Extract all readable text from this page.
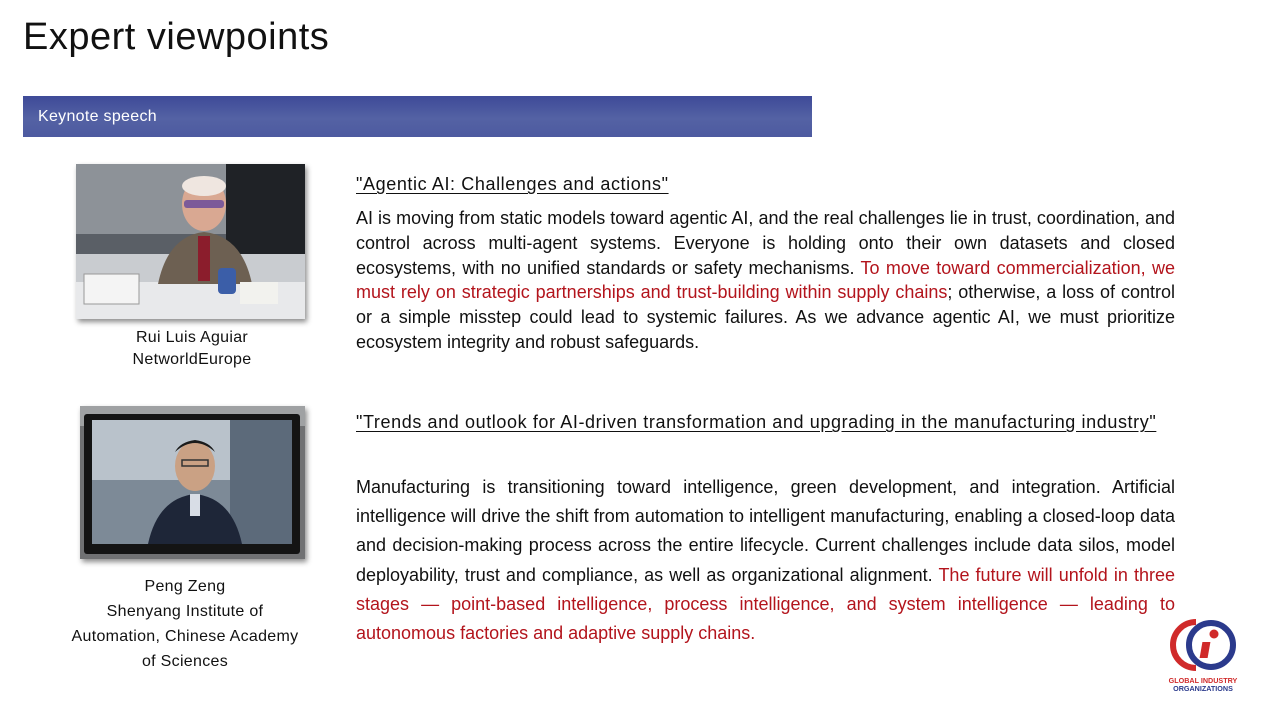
Expert viewpoints
Keynote speech
Rui Luis Aguiar
NetworldEurope
"Agentic AI: Challenges and actions"

AI is moving from static models toward agentic AI, and the real challenges lie in trust, coordination, and control across multi-agent systems. Everyone is holding onto their own datasets and closed ecosystems, with no unified standards or safety mechanisms. To move toward commercialization, we must rely on strategic partnerships and trust-building within supply chains; otherwise, a loss of control or a simple misstep could lead to systemic failures. As we advance agentic AI, we must prioritize ecosystem integrity and robust safeguards.

Peng Zeng
Shenyang Institute of
Automation, Chinese Academy
of Sciences
"Trends and outlook for AI-driven transformation and upgrading in the manufacturing industry"

Manufacturing is transitioning toward intelligence, green development, and integration. Artificial intelligence will drive the shift from automation to intelligent manufacturing, enabling a closed-loop data and decision-making process across the entire lifecycle. Current challenges include data silos, model deployability, trust and compliance, as well as organizational alignment. The future will unfold in three stages — point-based intelligence, process intelligence, and system intelligence — leading to autonomous factories and adaptive supply chains.

GLOBAL INDUSTRY
ORGANIZATIONS
